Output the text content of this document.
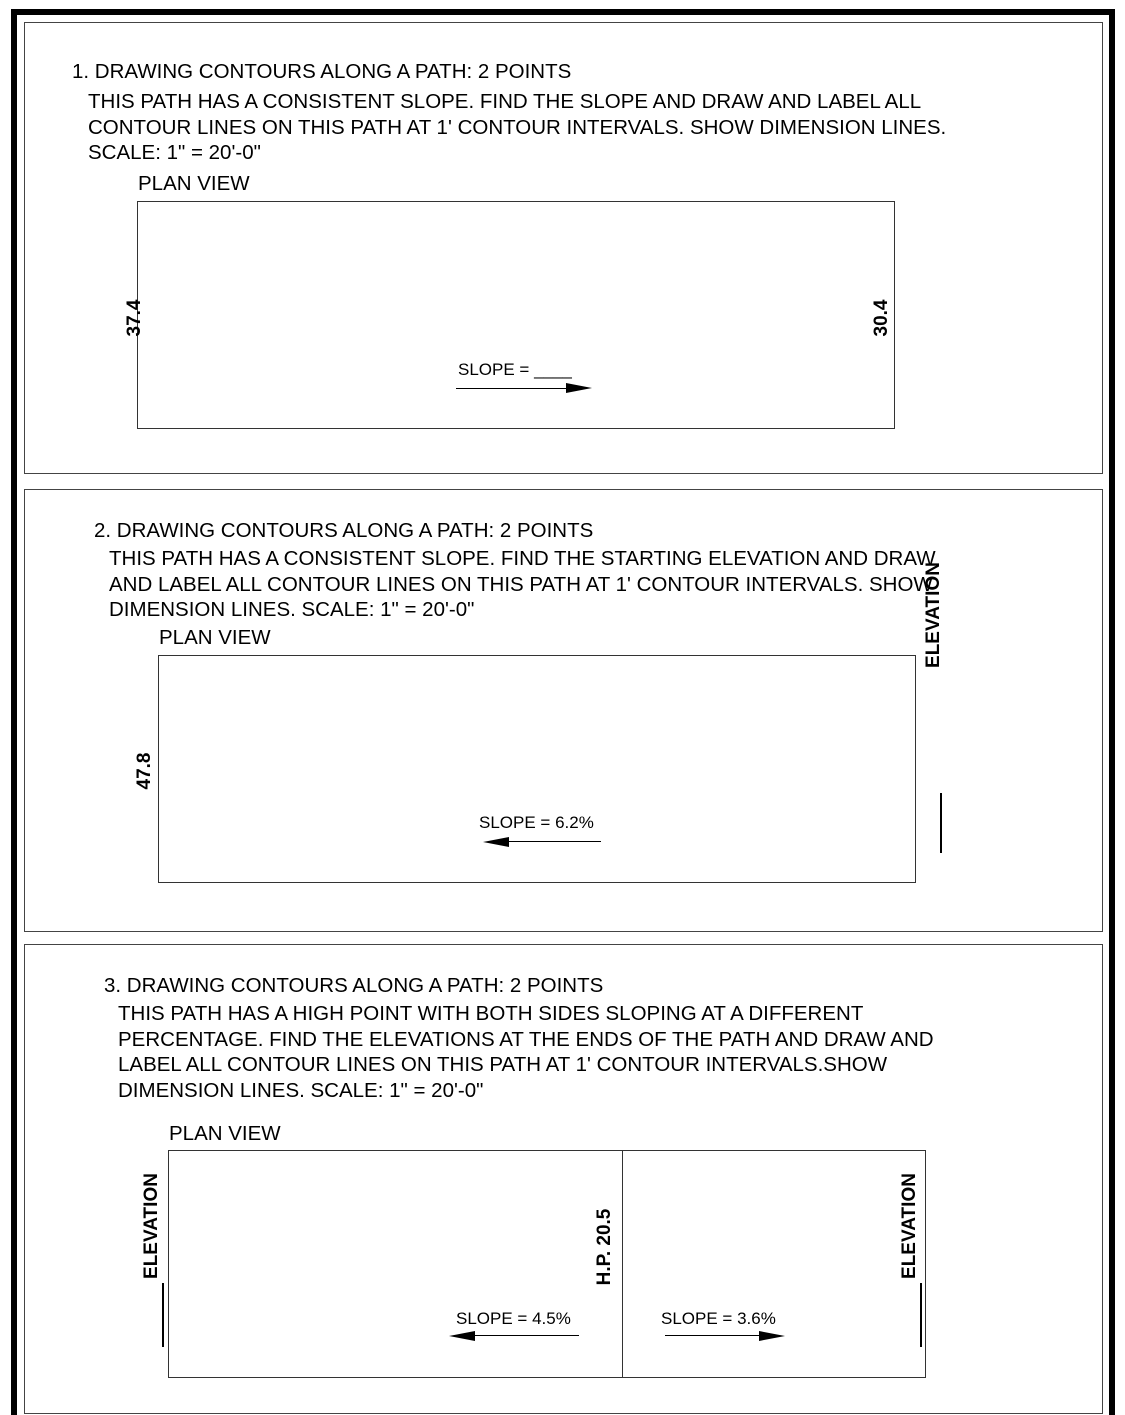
1. DRAWING CONTOURS ALONG A PATH: 2 POINTS
THIS PATH HAS A CONSISTENT SLOPE. FIND THE SLOPE AND DRAW AND LABEL ALL
CONTOUR LINES ON THIS PATH AT 1' CONTOUR INTERVALS. SHOW DIMENSION LINES.
SCALE: 1" = 20'-0"
PLAN VIEW
37.4	30.4
SLOPE = ____
2. DRAWING CONTOURS ALONG A PATH: 2 POINTS
THIS PATH HAS A CONSISTENT SLOPE. FIND THE STARTING ELEVATION AND DRAW
AND LABEL ALL CONTOUR LINES ON THIS PATH AT 1' CONTOUR INTERVALS. SHOW
DIMENSION LINES. SCALE: 1" = 20'-0"
PLAN VIEW
47.8
SLOPE = 6.2%
ELEVATION
3. DRAWING CONTOURS ALONG A PATH: 2 POINTS
THIS PATH HAS A HIGH POINT WITH BOTH SIDES SLOPING AT A DIFFERENT
PERCENTAGE. FIND THE ELEVATIONS AT THE ENDS OF THE PATH AND DRAW AND
LABEL ALL CONTOUR LINES ON THIS PATH AT 1' CONTOUR INTERVALS.SHOW
DIMENSION LINES. SCALE: 1" = 20'-0"
PLAN VIEW
H.P. 20.5
SLOPE = 4.5%	SLOPE = 3.6%
ELEVATION	ELEVATION
